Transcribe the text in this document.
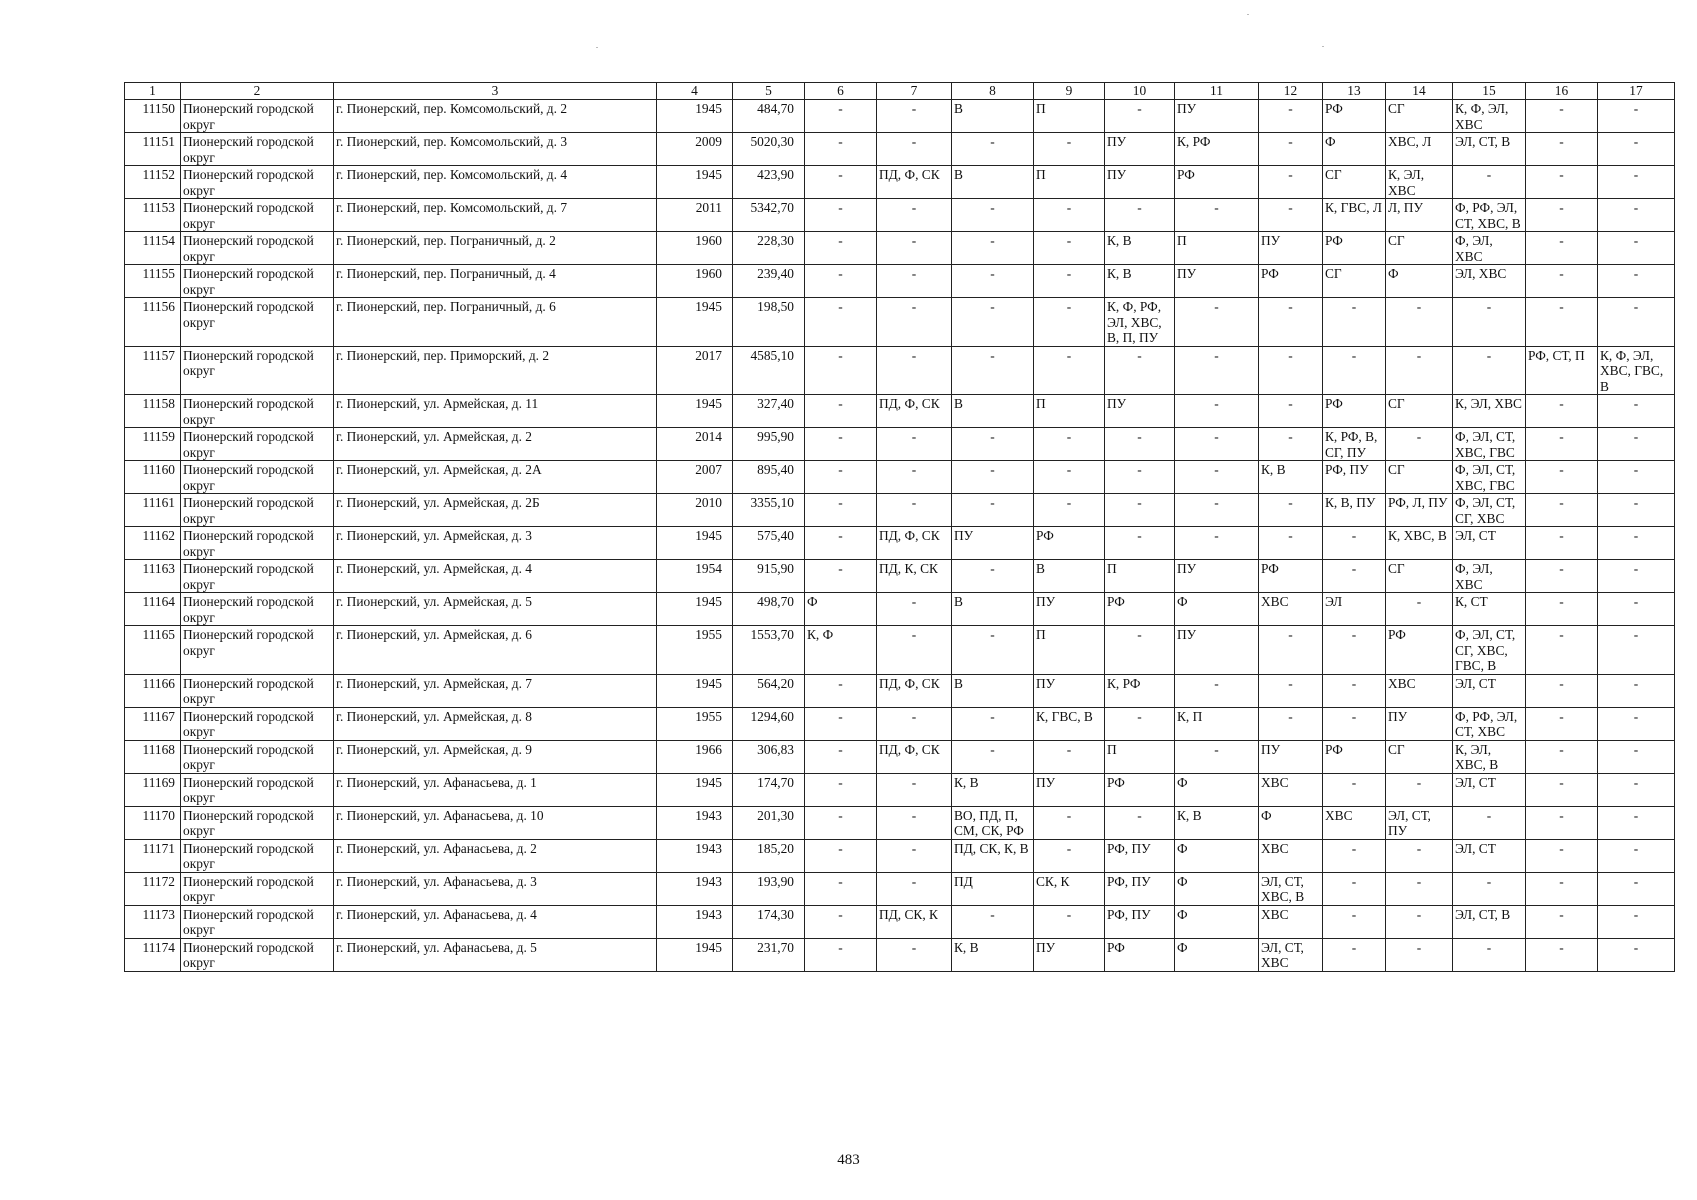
1	2	3	4	5	6	7	8	9	10	11	12	13	14	15	16	17
11150	Пионерский городской округ	г. Пионерский, пер. Комсомольский, д. 2	1945	484,70	-	-	В	П	-	ПУ	-	РФ	СГ	К, Ф, ЭЛ, ХВС	-	-
11151	Пионерский городской округ	г. Пионерский, пер. Комсомольский, д. 3	2009	5020,30	-	-	-	-	ПУ	К, РФ	-	Ф	ХВС, Л	ЭЛ, СТ, В	-	-
11152	Пионерский городской округ	г. Пионерский, пер. Комсомольский, д. 4	1945	423,90	-	ПД, Ф, СК	В	П	ПУ	РФ	-	СГ	К, ЭЛ, ХВС	-	-	-
11153	Пионерский городской округ	г. Пионерский, пер. Комсомольский, д. 7	2011	5342,70	-	-	-	-	-	-	-	К, ГВС, Л	Л, ПУ	Ф, РФ, ЭЛ, СТ, ХВС, В	-	-
11154	Пионерский городской округ	г. Пионерский, пер. Пограничный, д. 2	1960	228,30	-	-	-	-	К, В	П	ПУ	РФ	СГ	Ф, ЭЛ, ХВС	-	-
11155	Пионерский городской округ	г. Пионерский, пер. Пограничный, д. 4	1960	239,40	-	-	-	-	К, В	ПУ	РФ	СГ	Ф	ЭЛ, ХВС	-	-
11156	Пионерский городской округ	г. Пионерский, пер. Пограничный, д. 6	1945	198,50	-	-	-	-	К, Ф, РФ, ЭЛ, ХВС, В, П, ПУ	-	-	-	-	-	-	-
11157	Пионерский городской округ	г. Пионерский, пер. Приморский, д. 2	2017	4585,10	-	-	-	-	-	-	-	-	-	-	РФ, СТ, П	К, Ф, ЭЛ, ХВС, ГВС, В
11158	Пионерский городской округ	г. Пионерский, ул. Армейская, д. 11	1945	327,40	-	ПД, Ф, СК	В	П	ПУ	-	-	РФ	СГ	К, ЭЛ, ХВС	-	-
11159	Пионерский городской округ	г. Пионерский, ул. Армейская, д. 2	2014	995,90	-	-	-	-	-	-	-	К, РФ, В, СГ, ПУ	-	Ф, ЭЛ, СТ, ХВС, ГВС	-	-
11160	Пионерский городской округ	г. Пионерский, ул. Армейская, д. 2А	2007	895,40	-	-	-	-	-	-	К, В	РФ, ПУ	СГ	Ф, ЭЛ, СТ, ХВС, ГВС	-	-
11161	Пионерский городской округ	г. Пионерский, ул. Армейская, д. 2Б	2010	3355,10	-	-	-	-	-	-	-	К, В, ПУ	РФ, Л, ПУ	Ф, ЭЛ, СТ, СГ, ХВС	-	-
11162	Пионерский городской округ	г. Пионерский, ул. Армейская, д. 3	1945	575,40	-	ПД, Ф, СК	ПУ	РФ	-	-	-	-	К, ХВС, В	ЭЛ, СТ	-	-
11163	Пионерский городской округ	г. Пионерский, ул. Армейская, д. 4	1954	915,90	-	ПД, К, СК	-	В	П	ПУ	РФ	-	СГ	Ф, ЭЛ, ХВС	-	-
11164	Пионерский городской округ	г. Пионерский, ул. Армейская, д. 5	1945	498,70	Ф	-	В	ПУ	РФ	Ф	ХВС	ЭЛ	-	К, СТ	-	-
11165	Пионерский городской округ	г. Пионерский, ул. Армейская, д. 6	1955	1553,70	К, Ф	-	-	П	-	ПУ	-	-	РФ	Ф, ЭЛ, СТ, СГ, ХВС, ГВС, В	-	-
11166	Пионерский городской округ	г. Пионерский, ул. Армейская, д. 7	1945	564,20	-	ПД, Ф, СК	В	ПУ	К, РФ	-	-	-	ХВС	ЭЛ, СТ	-	-
11167	Пионерский городской округ	г. Пионерский, ул. Армейская, д. 8	1955	1294,60	-	-	-	К, ГВС, В	-	К, П	-	-	ПУ	Ф, РФ, ЭЛ, СТ, ХВС	-	-
11168	Пионерский городской округ	г. Пионерский, ул. Армейская, д. 9	1966	306,83	-	ПД, Ф, СК	-	-	П	-	ПУ	РФ	СГ	К, ЭЛ, ХВС, В	-	-
11169	Пионерский городской округ	г. Пионерский, ул. Афанасьева, д. 1	1945	174,70	-	-	К, В	ПУ	РФ	Ф	ХВС	-	-	ЭЛ, СТ	-	-
11170	Пионерский городской округ	г. Пионерский, ул. Афанасьева, д. 10	1943	201,30	-	-	ВО, ПД, П, СМ, СК, РФ	-	-	К, В	Ф	ХВС	ЭЛ, СТ, ПУ	-	-	-
11171	Пионерский городской округ	г. Пионерский, ул. Афанасьева, д. 2	1943	185,20	-	-	ПД, СК, К, В	-	РФ, ПУ	Ф	ХВС	-	-	ЭЛ, СТ	-	-
11172	Пионерский городской округ	г. Пионерский, ул. Афанасьева, д. 3	1943	193,90	-	-	ПД	СК, К	РФ, ПУ	Ф	ЭЛ, СТ, ХВС, В	-	-	-	-	-
11173	Пионерский городской округ	г. Пионерский, ул. Афанасьева, д. 4	1943	174,30	-	ПД, СК, К	-	-	РФ, ПУ	Ф	ХВС	-	-	ЭЛ, СТ, В	-	-
11174	Пионерский городской округ	г. Пионерский, ул. Афанасьева, д. 5	1945	231,70	-	-	К, В	ПУ	РФ	Ф	ЭЛ, СТ, ХВС	-	-	-	-	-
483
